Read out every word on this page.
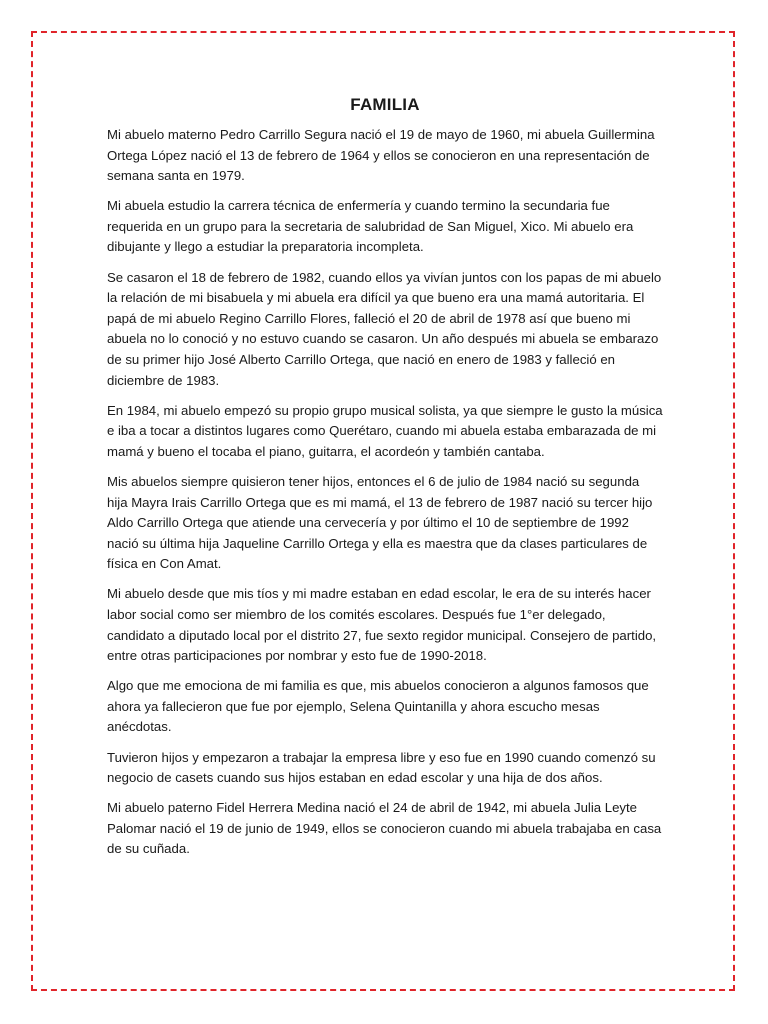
FAMILIA

Mi abuelo materno Pedro Carrillo Segura nació el 19 de mayo de 1960, mi abuela Guillermina Ortega López nació el 13 de febrero de 1964 y ellos se conocieron en una representación de semana santa en 1979.

Mi abuela estudio la carrera técnica de enfermería y cuando termino la secundaria fue requerida en un grupo para la secretaria de salubridad de San Miguel, Xico. Mi abuelo era dibujante y llego a estudiar la preparatoria incompleta.

Se casaron el 18 de febrero de 1982, cuando ellos ya vivían juntos con los papas de mi abuelo la relación de mi bisabuela y mi abuela era difícil ya que bueno era una mamá autoritaria. El papá de mi abuelo Regino Carrillo Flores, falleció el 20 de abril de 1978 así que bueno mi abuela no lo conoció y no estuvo cuando se casaron. Un año después mi abuela se embarazo de su primer hijo José Alberto Carrillo Ortega, que nació en enero de 1983 y falleció en diciembre de 1983.

En 1984, mi abuelo empezó su propio grupo musical solista, ya que siempre le gusto la música e iba a tocar a distintos lugares como Querétaro, cuando mi abuela estaba embarazada de mi mamá y bueno el tocaba el piano, guitarra, el acordeón y también cantaba.

Mis abuelos siempre quisieron tener hijos, entonces el 6 de julio de 1984 nació su segunda hija Mayra Irais Carrillo Ortega que es mi mamá, el 13 de febrero de 1987 nació su tercer hijo Aldo Carrillo Ortega que atiende una cervecería y por último el 10 de septiembre de 1992 nació su última hija Jaqueline Carrillo Ortega y ella es maestra que da clases particulares de física en Con Amat.

Mi abuelo desde que mis tíos y mi madre estaban en edad escolar, le era de su interés hacer labor social como ser miembro de los comités escolares. Después fue 1°er delegado, candidato a diputado local por el distrito 27, fue sexto regidor municipal. Consejero de partido, entre otras participaciones por nombrar y esto fue de 1990-2018.

Algo que me emociona de mi familia es que, mis abuelos conocieron a algunos famosos que ahora ya fallecieron que fue por ejemplo, Selena Quintanilla y ahora escucho mesas anécdotas.

Tuvieron hijos y empezaron a trabajar la empresa libre y eso fue en 1990 cuando comenzó su negocio de casets cuando sus hijos estaban en edad escolar y una hija de dos años.

Mi abuelo paterno Fidel Herrera Medina nació el 24 de abril de 1942, mi abuela Julia Leyte Palomar nació el 19 de junio de 1949, ellos se conocieron cuando mi abuela trabajaba en casa de su cuñada.
